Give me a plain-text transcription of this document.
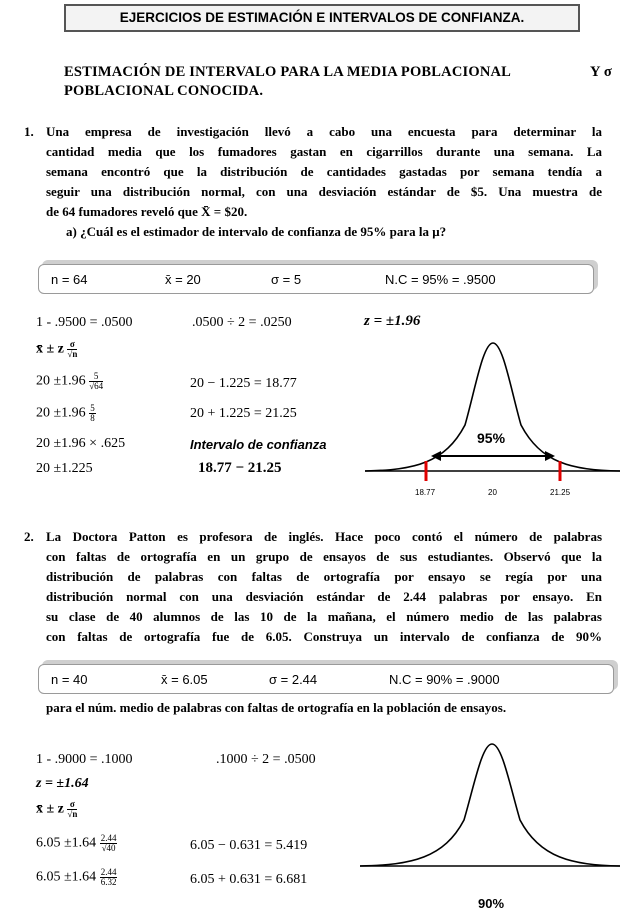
EJERCICIOS DE ESTIMACIÓN E INTERVALOS DE CONFIANZA.
ESTIMACIÓN DE INTERVALO PARA LA MEDIA POBLACIONAL	Y σ
POBLACIONAL CONOCIDA.
1. Una empresa de investigación llevó a cabo una encuesta para determinar la
cantidad media que los fumadores gastan en cigarrillos durante una semana. La
semana encontró que la distribución de cantidades gastadas por semana tendía a
seguir una distribución normal, con una desviación estándar de $5. Una muestra de
de 64 fumadores reveló que X̄ = $20.
a) ¿Cuál es el estimador de intervalo de confianza de 95% para la μ?
n = 64	x̄ = 20	σ = 5	N.C = 95% = .9500
1 - .9500 = .0500	.0500 ÷ 2 = .0250	z = ±1.96
x̄ ± z $\frac{\sigma}{√n}$
$20 \pm 1.96 \frac{5}{√64}$	20 − 1.225 = 18.77
$20 \pm 1.96 \frac{5}{8}$	20 + 1.225 = 21.25
20 ±1.96 × .625	Intervalo de confianza
20 ±1.225	18.77 − 21.25
95%
18.77	20	21.25
2. La Doctora Patton es profesora de inglés. Hace poco contó el número de palabras
con faltas de ortografía en un grupo de ensayos de sus estudiantes. Observó que la
distribución de palabras con faltas de ortografía por ensayo se regía por una
distribución normal con una desviación estándar de 2.44 palabras por ensayo. En
su clase de 40 alumnos de las 10 de la mañana, el número medio de las palabras
con faltas de ortografía fue de 6.05. Construya un intervalo de confianza de 90%
n = 40	x̄ = 6.05	σ = 2.44	N.C = 90% = .9000
para el núm. medio de palabras con faltas de ortografía en la población de ensayos.
1 - .9000 = .1000	.1000 ÷ 2 = .0500
z = ±1.64
x̄ ± z $\frac{\sigma}{√n}$
$6.05 \pm 1.64 \frac{2.44}{√40}$	6.05 − 0.631 = 5.419
$6.05 \pm 1.64 \frac{2.44}{6.32}$	6.05 + 0.631 = 6.681
90%
